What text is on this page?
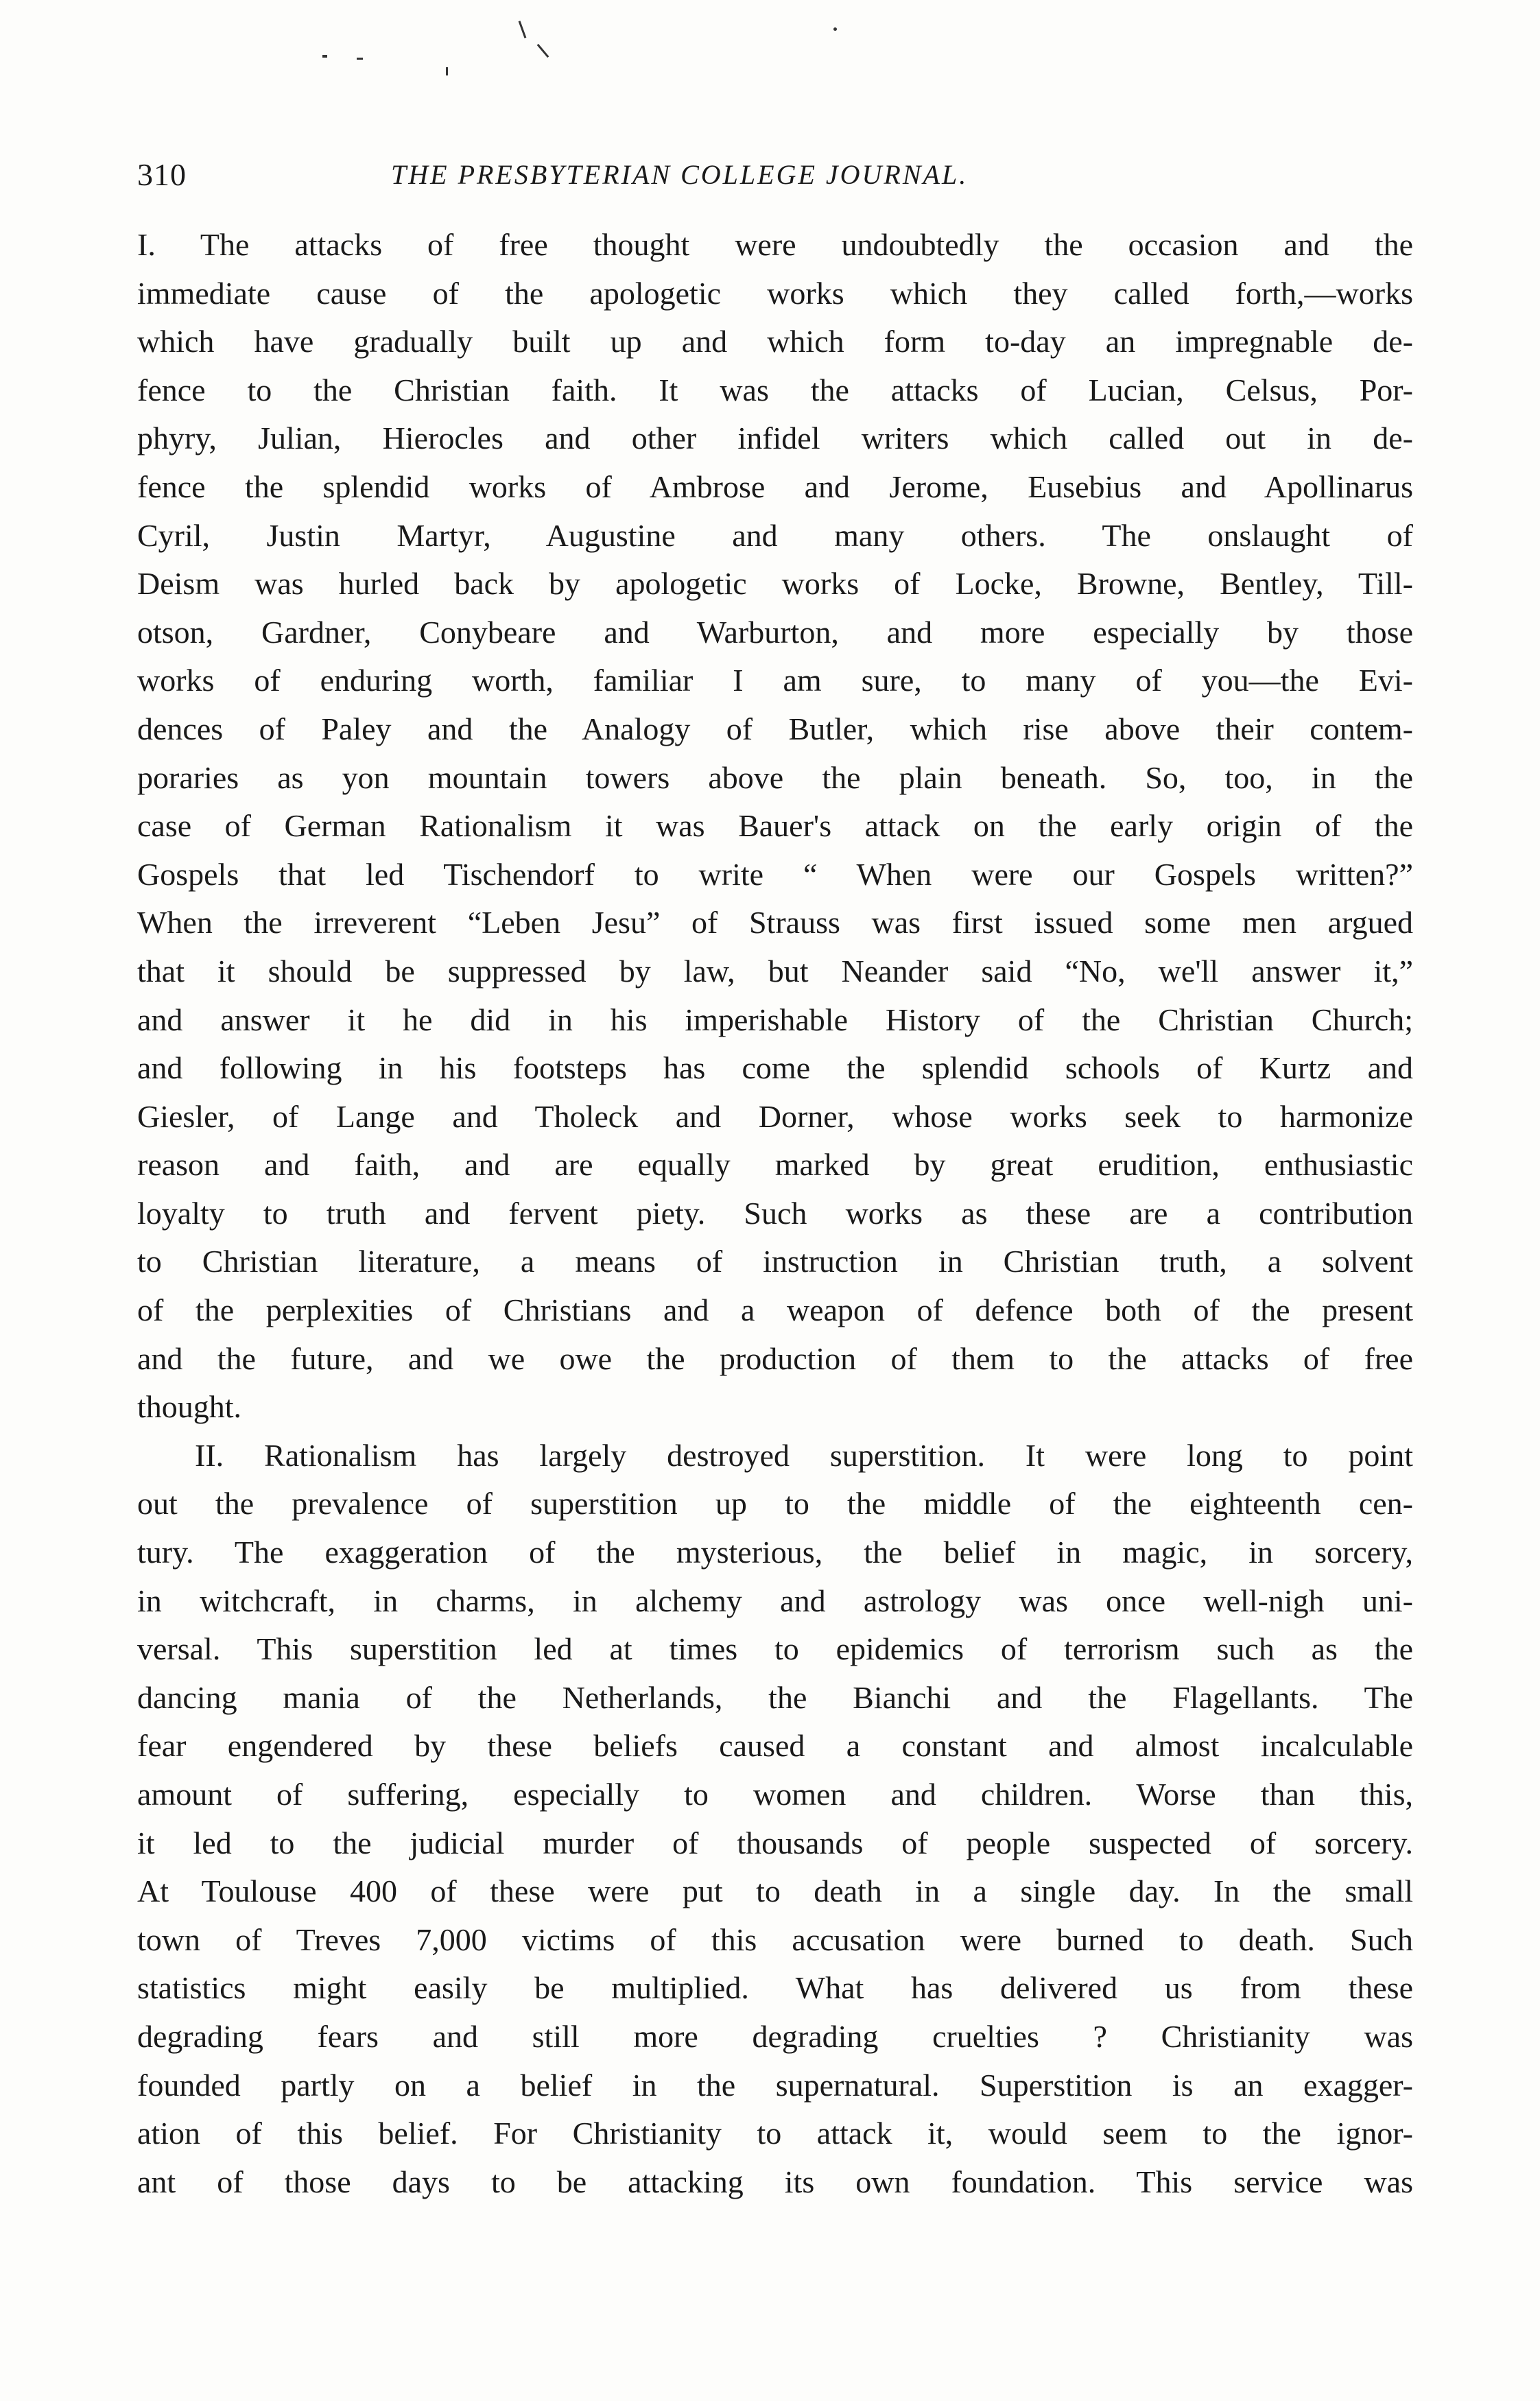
310	THE PRESBYTERIAN COLLEGE JOURNAL.
I. The attacks of free thought were undoubtedly the occasion and the
immediate cause of the apologetic works which they called forth,—works
which have gradually built up and which form to-day an impregnable de-
fence to the Christian faith. It was the attacks of Lucian, Celsus, Por-
phyry, Julian, Hierocles and other infidel writers which called out in de-
fence the splendid works of Ambrose and Jerome, Eusebius and Apollinarus
Cyril, Justin Martyr, Augustine and many others. The onslaught of
Deism was hurled back by apologetic works of Locke, Browne, Bentley, Till-
otson, Gardner, Conybeare and Warburton, and more especially by those
works of enduring worth, familiar I am sure, to many of you—the Evi-
dences of Paley and the Analogy of Butler, which rise above their contem-
poraries as yon mountain towers above the plain beneath. So, too, in the
case of German Rationalism it was Bauer's attack on the early origin of the
Gospels that led Tischendorf to write “ When were our Gospels written?”
When the irreverent “Leben Jesu” of Strauss was first issued some men argued
that it should be suppressed by law, but Neander said “No, we'll answer it,”
and answer it he did in his imperishable History of the Christian Church;
and following in his footsteps has come the splendid schools of Kurtz and
Giesler, of Lange and Tholeck and Dorner, whose works seek to harmonize
reason and faith, and are equally marked by great erudition, enthusiastic
loyalty to truth and fervent piety. Such works as these are a contribution
to Christian literature, a means of instruction in Christian truth, a solvent
of the perplexities of Christians and a weapon of defence both of the present
and the future, and we owe the production of them to the attacks of free
thought.
II. Rationalism has largely destroyed superstition. It were long to point
out the prevalence of superstition up to the middle of the eighteenth cen-
tury. The exaggeration of the mysterious, the belief in magic, in sorcery,
in witchcraft, in charms, in alchemy and astrology was once well-nigh uni-
versal. This superstition led at times to epidemics of terrorism such as the
dancing mania of the Netherlands, the Bianchi and the Flagellants. The
fear engendered by these beliefs caused a constant and almost incalculable
amount of suffering, especially to women and children. Worse than this,
it led to the judicial murder of thousands of people suspected of sorcery.
At Toulouse 400 of these were put to death in a single day. In the small
town of Treves 7,000 victims of this accusation were burned to death. Such
statistics might easily be multiplied. What has delivered us from these
degrading fears and still more degrading cruelties ? Christianity was
founded partly on a belief in the supernatural. Superstition is an exagger-
ation of this belief. For Christianity to attack it, would seem to the ignor-
ant of those days to be attacking its own foundation. This service was
